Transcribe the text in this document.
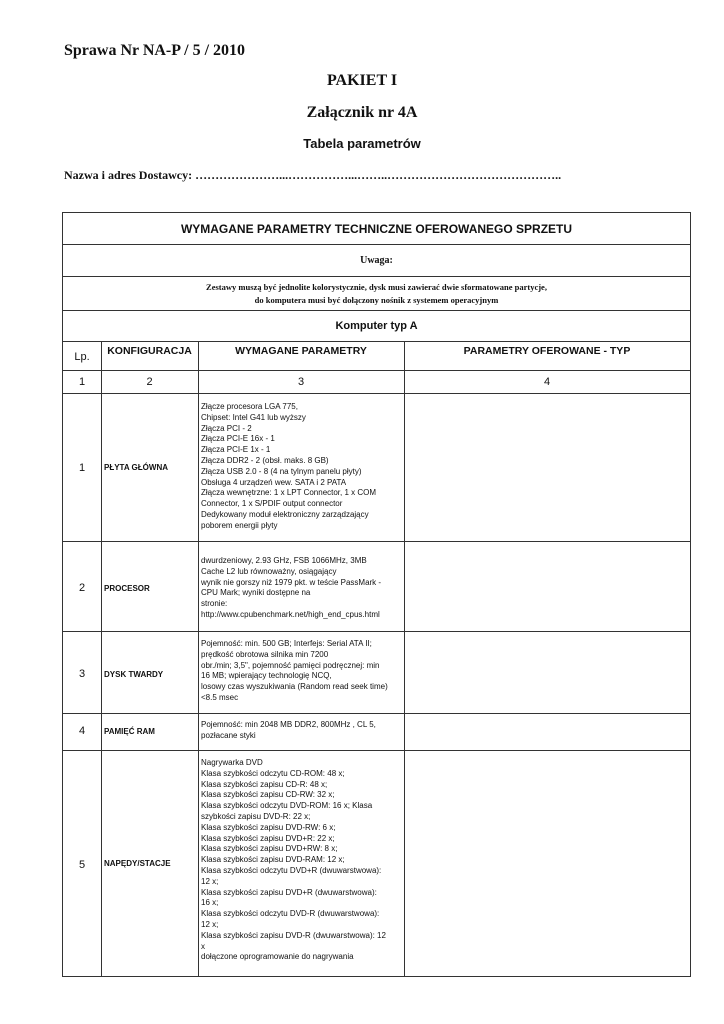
Sprawa Nr NA-P / 5 / 2010
PAKIET I
Załącznik nr 4A
Tabela parametrów
Nazwa i adres Dostawcy: …………………...……………...……..……………………………………..
WYMAGANE PARAMETRY TECHNICZNE OFEROWANEGO SPRZETU
Uwaga:
Zestawy muszą być jednolite kolorystycznie, dysk musi zawierać dwie sformatowane partycje,
do komputera musi być dołączony nośnik z systemem operacyjnym
Komputer typ A
Lp.	KONFIGURACJA	WYMAGANE PARAMETRY	PARAMETRY OFEROWANE - TYP
1	2	3	4
1	PŁYTA GŁÓWNA
Złącze procesora LGA 775,
Chipset: Intel G41 lub wyższy
Złącza PCI - 2
Złącza PCI-E 16x - 1
Złącza PCI-E 1x - 1
Złącza DDR2 - 2 (obsł. maks. 8 GB)
Złącza USB 2.0 - 8 (4 na tylnym panelu płyty)
Obsługa 4 urządzeń wew. SATA i 2 PATA
Złącza wewnętrzne: 1 x LPT Connector, 1 x COM
Connector, 1 x S/PDIF output connector
Dedykowany moduł elektroniczny zarządzający
poborem energii płyty
2	PROCESOR
dwurdzeniowy, 2.93 GHz, FSB 1066MHz, 3MB
Cache L2 lub równoważny, osiągający
wynik nie gorszy niż 1979 pkt. w teście PassMark -
CPU Mark; wyniki dostępne na
stronie:
http://www.cpubenchmark.net/high_end_cpus.html
3	DYSK TWARDY
Pojemność: min. 500 GB; Interfejs: Serial ATA II;
prędkość obrotowa silnika min 7200
obr./min; 3,5", pojemność pamięci podręcznej: min
16 MB; wpierający technologię NCQ,
losowy czas wyszukiwania (Random read seek time)
<8.5 msec
4	PAMIĘĆ RAM
Pojemność: min 2048 MB DDR2, 800MHz , CL 5,
pozłacane styki
5	NAPĘDY/STACJE
Nagrywarka DVD
Klasa szybkości odczytu CD-ROM: 48 x;
Klasa szybkości zapisu CD-R: 48 x;
Klasa szybkości zapisu CD-RW: 32 x;
Klasa szybkości odczytu DVD-ROM: 16 x; Klasa
szybkości zapisu DVD-R: 22 x;
Klasa szybkości zapisu DVD-RW: 6 x;
Klasa szybkości zapisu DVD+R: 22 x;
Klasa szybkości zapisu DVD+RW: 8 x;
Klasa szybkości zapisu DVD-RAM: 12 x;
Klasa szybkości odczytu DVD+R (dwuwarstwowa):
12 x;
Klasa szybkości zapisu DVD+R (dwuwarstwowa):
16 x;
Klasa szybkości odczytu DVD-R (dwuwarstwowa):
12 x;
Klasa szybkości zapisu DVD-R (dwuwarstwowa): 12
x
dołączone oprogramowanie do nagrywania
